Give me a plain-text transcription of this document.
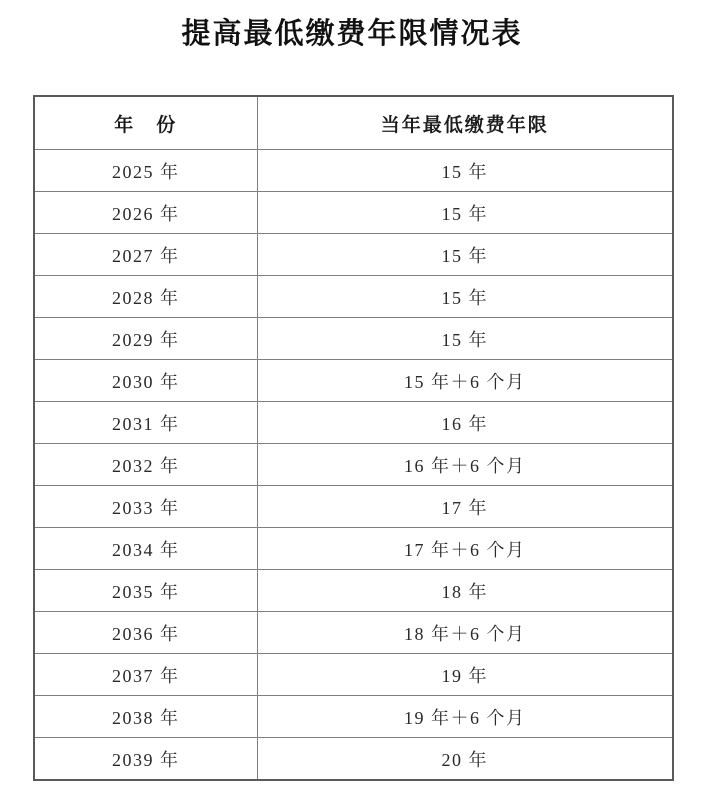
提高最低缴费年限情况表
年　份	当年最低缴费年限
2025 年	15 年
2026 年	15 年
2027 年	15 年
2028 年	15 年
2029 年	15 年
2030 年	15 年＋6 个月
2031 年	16 年
2032 年	16 年＋6 个月
2033 年	17 年
2034 年	17 年＋6 个月
2035 年	18 年
2036 年	18 年＋6 个月
2037 年	19 年
2038 年	19 年＋6 个月
2039 年	20 年
